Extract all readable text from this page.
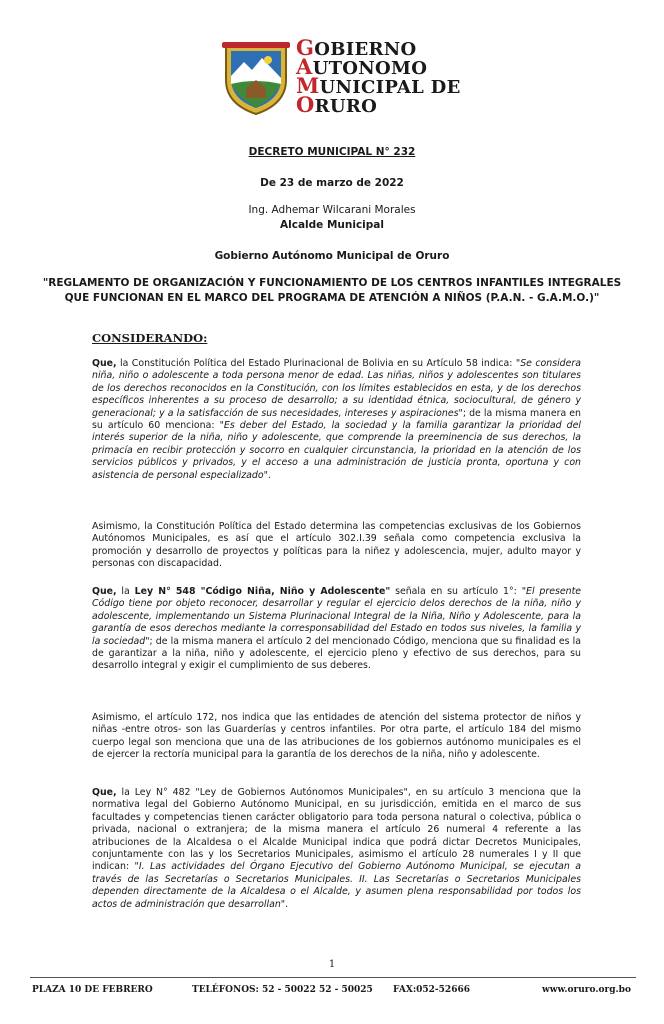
GOBIERNO
AUTONOMO
MUNICIPAL DE
ORURO
DECRETO MUNICIPAL N° 232
De 23 de marzo de 2022
Ing. Adhemar Wilcarani Morales
Alcalde Municipal
Gobierno Autónomo Municipal de Oruro
"REGLAMENTO DE ORGANIZACIÓN Y FUNCIONAMIENTO DE LOS CENTROS INFANTILES INTEGRALES QUE FUNCIONAN EN EL MARCO DEL PROGRAMA DE ATENCIÓN A NIÑOS (P.A.N. - G.A.M.O.)"
CONSIDERANDO:

Que, la Constitución Política del Estado Plurinacional de Bolivia en su Artículo 58 indica: "Se considera niña, niño o adolescente a toda persona menor de edad. Las niñas, niños y adolescentes son titulares de los derechos reconocidos en la Constitución, con los límites establecidos en esta, y de los derechos específicos inherentes a su proceso de desarrollo; a su identidad étnica, sociocultural, de género y generacional; y a la satisfacción de sus necesidades, intereses y aspiraciones"; de la misma manera en su artículo 60 menciona: "Es deber del Estado, la sociedad y la familia garantizar la prioridad del interés superior de la niña, niño y adolescente, que comprende la preeminencia de sus derechos, la primacía en recibir protección y socorro en cualquier circunstancia, la prioridad en la atención de los servicios públicos y privados, y el acceso a una administración de justicia pronta, oportuna y con asistencia de personal especializado".

Asimismo, la Constitución Política del Estado determina las competencias exclusivas de los Gobiernos Autónomos Municipales, es así que el artículo 302.I.39 señala como competencia exclusiva la promoción y desarrollo de proyectos y políticas para la niñez y adolescencia, mujer, adulto mayor y personas con discapacidad.

Que, la Ley N° 548 "Código Niña, Niño y Adolescente" señala en su artículo 1°: "El presente Código tiene por objeto reconocer, desarrollar y regular el ejercicio delos derechos de la niña, niño y adolescente, implementando un Sistema Plurinacional Integral de la Niña, Niño y Adolescente, para la garantía de esos derechos mediante la corresponsabilidad del Estado en todos sus niveles, la familia y la sociedad"; de la misma manera el artículo 2 del mencionado Código, menciona que su finalidad es la de garantizar a la niña, niño y adolescente, el ejercicio pleno y efectivo de sus derechos, para su desarrollo integral y exigir el cumplimiento de sus deberes.

Asimismo, el artículo 172, nos indica que las entidades de atención del sistema protector de niños y niñas -entre otros- son las Guarderías y centros infantiles. Por otra parte, el artículo 184 del mismo cuerpo legal son menciona que una de las atribuciones de los gobiernos autónomo municipales es el de ejercer la rectoría municipal para la garantía de los derechos de la niña, niño y adolescente.

Que, la Ley N° 482 "Ley de Gobiernos Autónomos Municipales", en su artículo 3 menciona que la normativa legal del Gobierno Autónomo Municipal, en su jurisdicción, emitida en el marco de sus facultades y competencias tienen carácter obligatorio para toda persona natural o colectiva, pública o privada, nacional o extranjera; de la misma manera el artículo 26 numeral 4 referente a las atribuciones de la Alcaldesa o el Alcalde Municipal indica que podrá dictar Decretos Municipales, conjuntamente con las y los Secretarios Municipales, asimismo el artículo 28 numerales I y II que indican: "I. Las actividades del Órgano Ejecutivo del Gobierno Autónomo Municipal, se ejecutan a través de las Secretarías o Secretarios Municipales. II. Las Secretarías o Secretarios Municipales dependen directamente de la Alcaldesa o el Alcalde, y asumen plena responsabilidad por todos los actos de administración que desarrollan".

1
PLAZA 10 DE FEBRERO	TELÉFONOS: 52 - 50022 52 - 50025 FAX:052-52666	www.oruro.org.bo
